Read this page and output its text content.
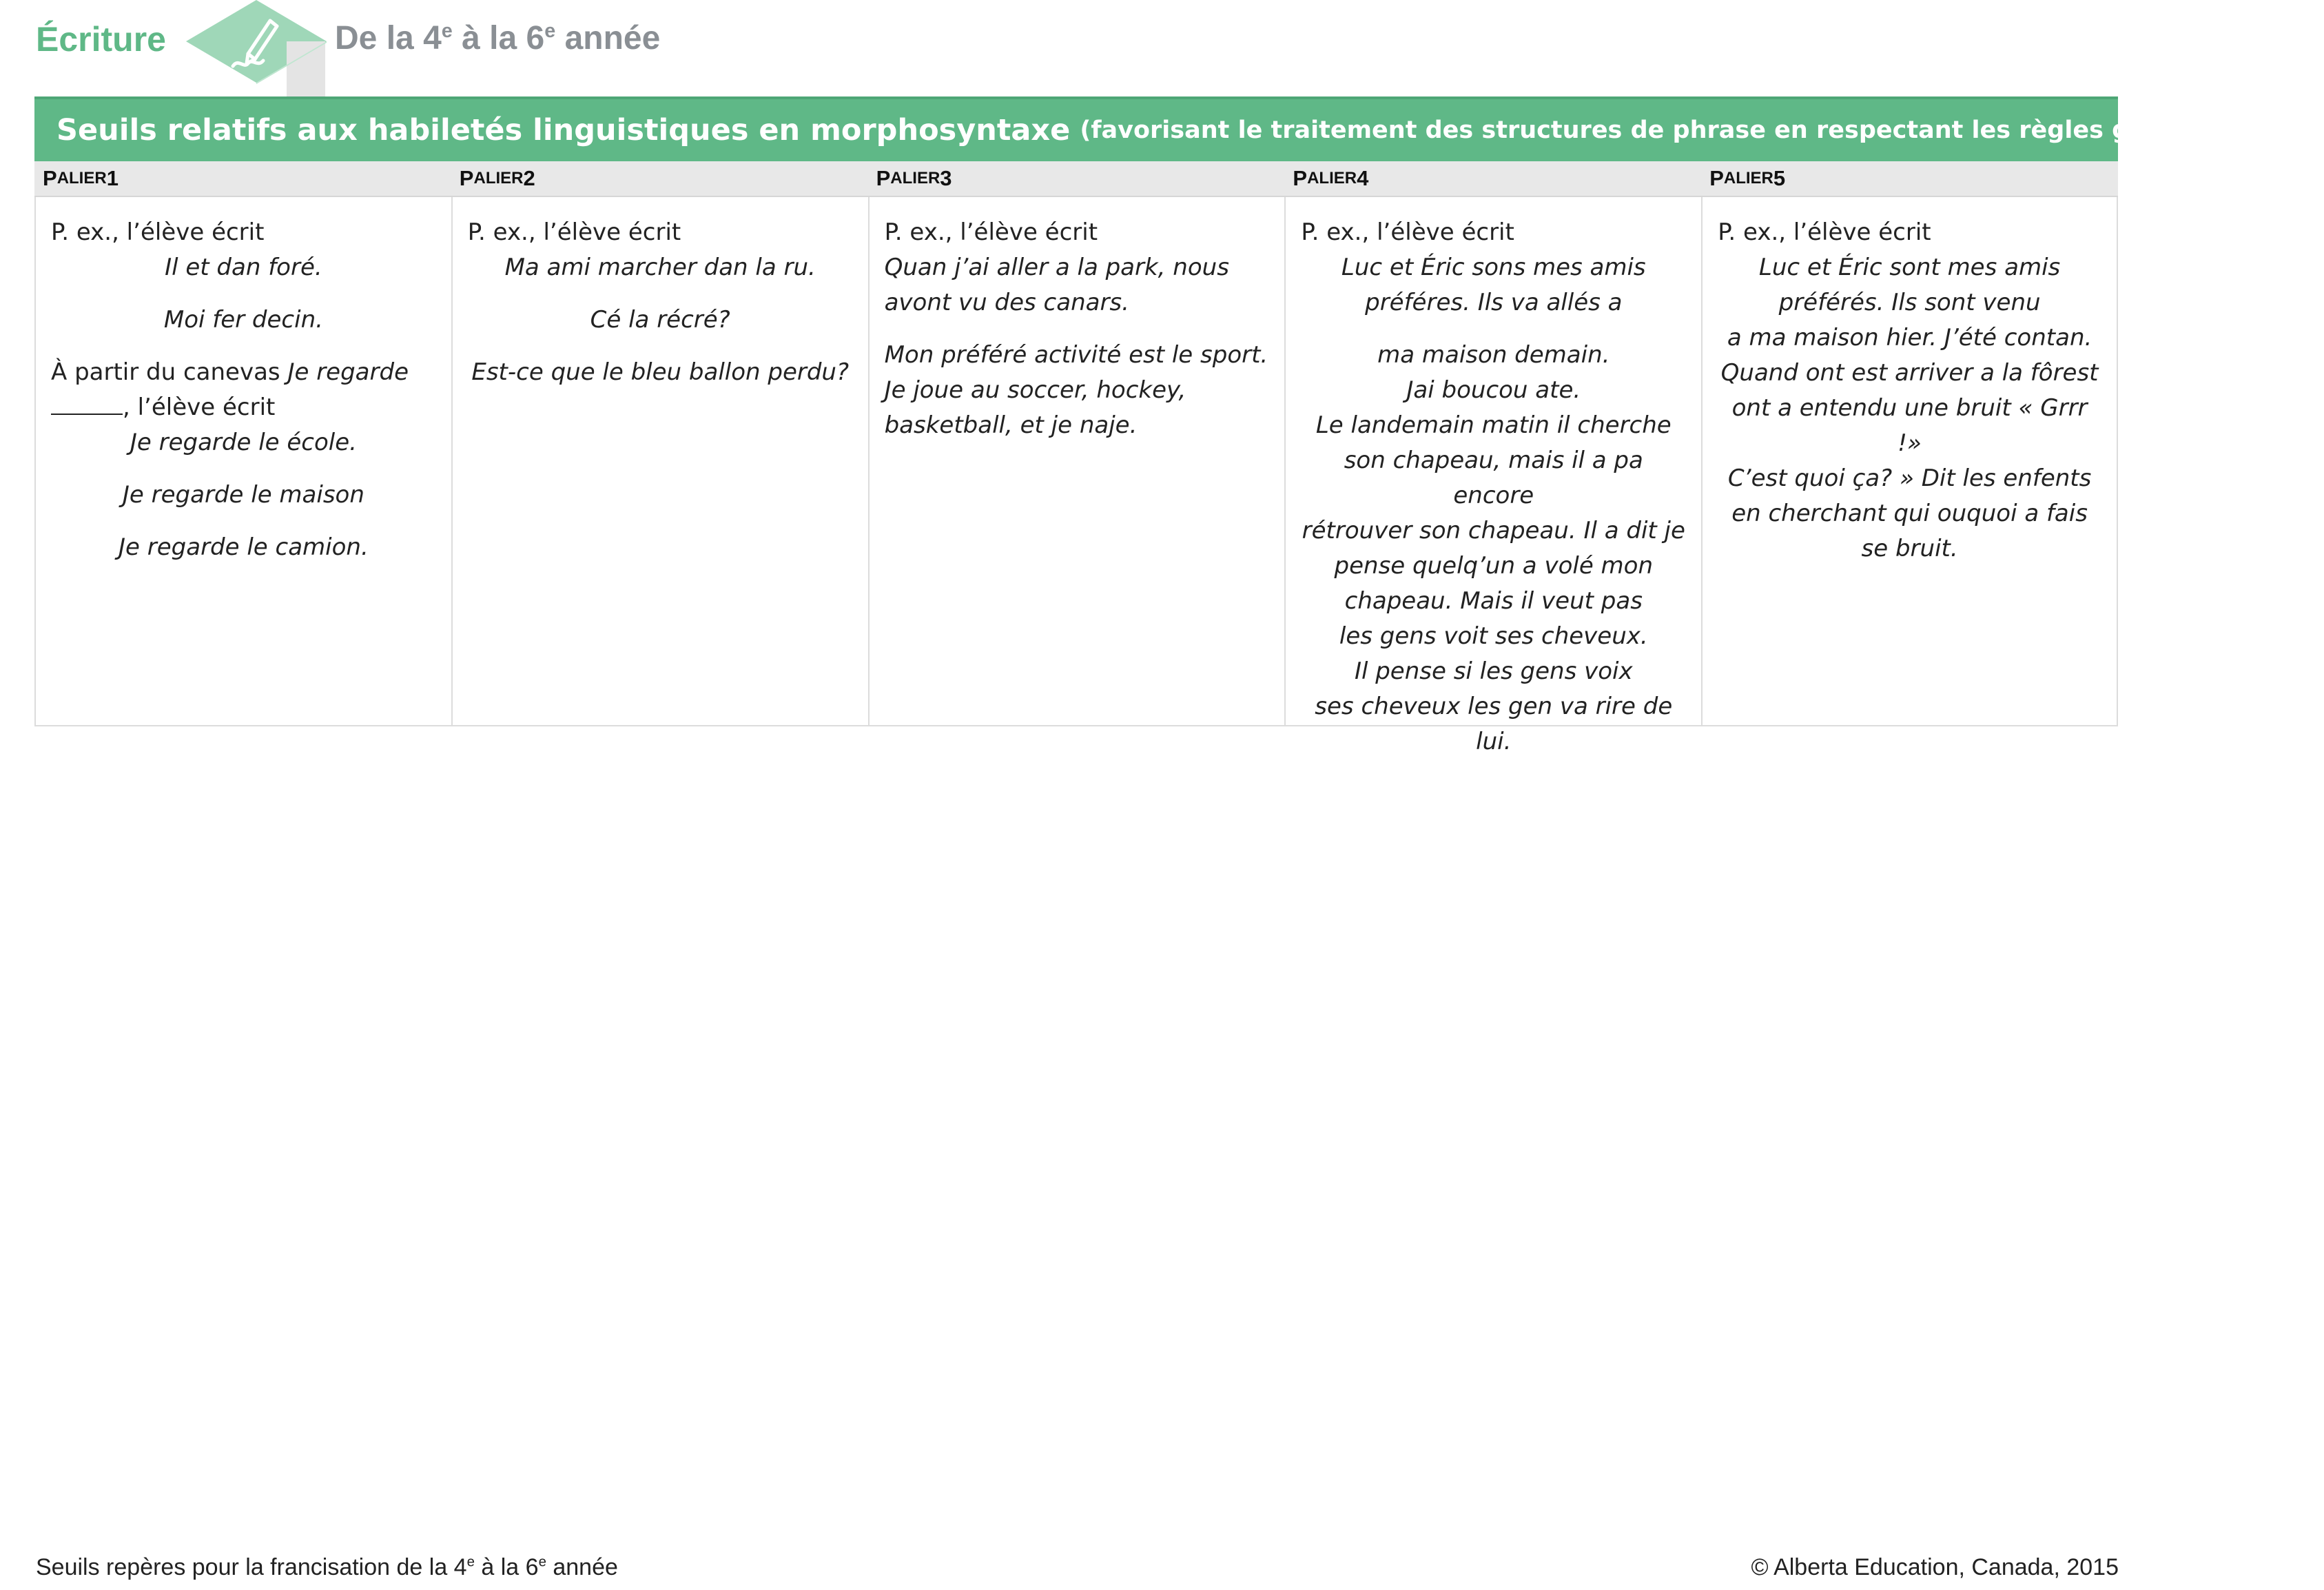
Écriture	De la 4e à la 6e année
Seuils relatifs aux habiletés linguistiques en morphosyntaxe (favorisant le traitement des structures de phrase en respectant les règles grammaticales)
P ALIER 1	P ALIER 2	P ALIER 3	P ALIER 4	P ALIER 5
P. ex., l’élève écrit
Il et dan foré.
Moi fer decin.
À partir du canevas Je regarde
, l’élève écrit
Je regarde le école.
Je regarde le maison
Je regarde le camion.
P. ex., l’élève écrit
Ma ami marcher dan la ru.
Cé la récré?
Est-ce que le bleu ballon perdu?
P. ex., l’élève écrit
Quan j’ai aller a la park, nous
avont vu des canars.
Mon préféré activité est le sport.
Je joue au soccer, hockey,
basketball, et je naje.
P. ex., l’élève écrit
Luc et Éric sons mes amis
préféres. Ils va allés a
ma maison demain.
Jai boucou ate.
Le landemain matin il cherche
son chapeau, mais il a pa encore
rétrouver son chapeau. Il a dit je
pense quelq’un a volé mon
chapeau. Mais il veut pas
les gens voit ses cheveux.
Il pense si les gens voix
ses cheveux les gen va rire de lui.
P. ex., l’élève écrit
Luc et Éric sont mes amis
préférés. Ils sont venu
a ma maison hier. J’été contan.
Quand ont est arriver a la fôrest
ont a entendu une bruit « Grrr !»
C’est quoi ça? » Dit les enfents
en cherchant qui ouquoi a fais
se bruit.
Seuils repères pour la francisation de la 4e à la 6e année	© Alberta Education, Canada, 2015
